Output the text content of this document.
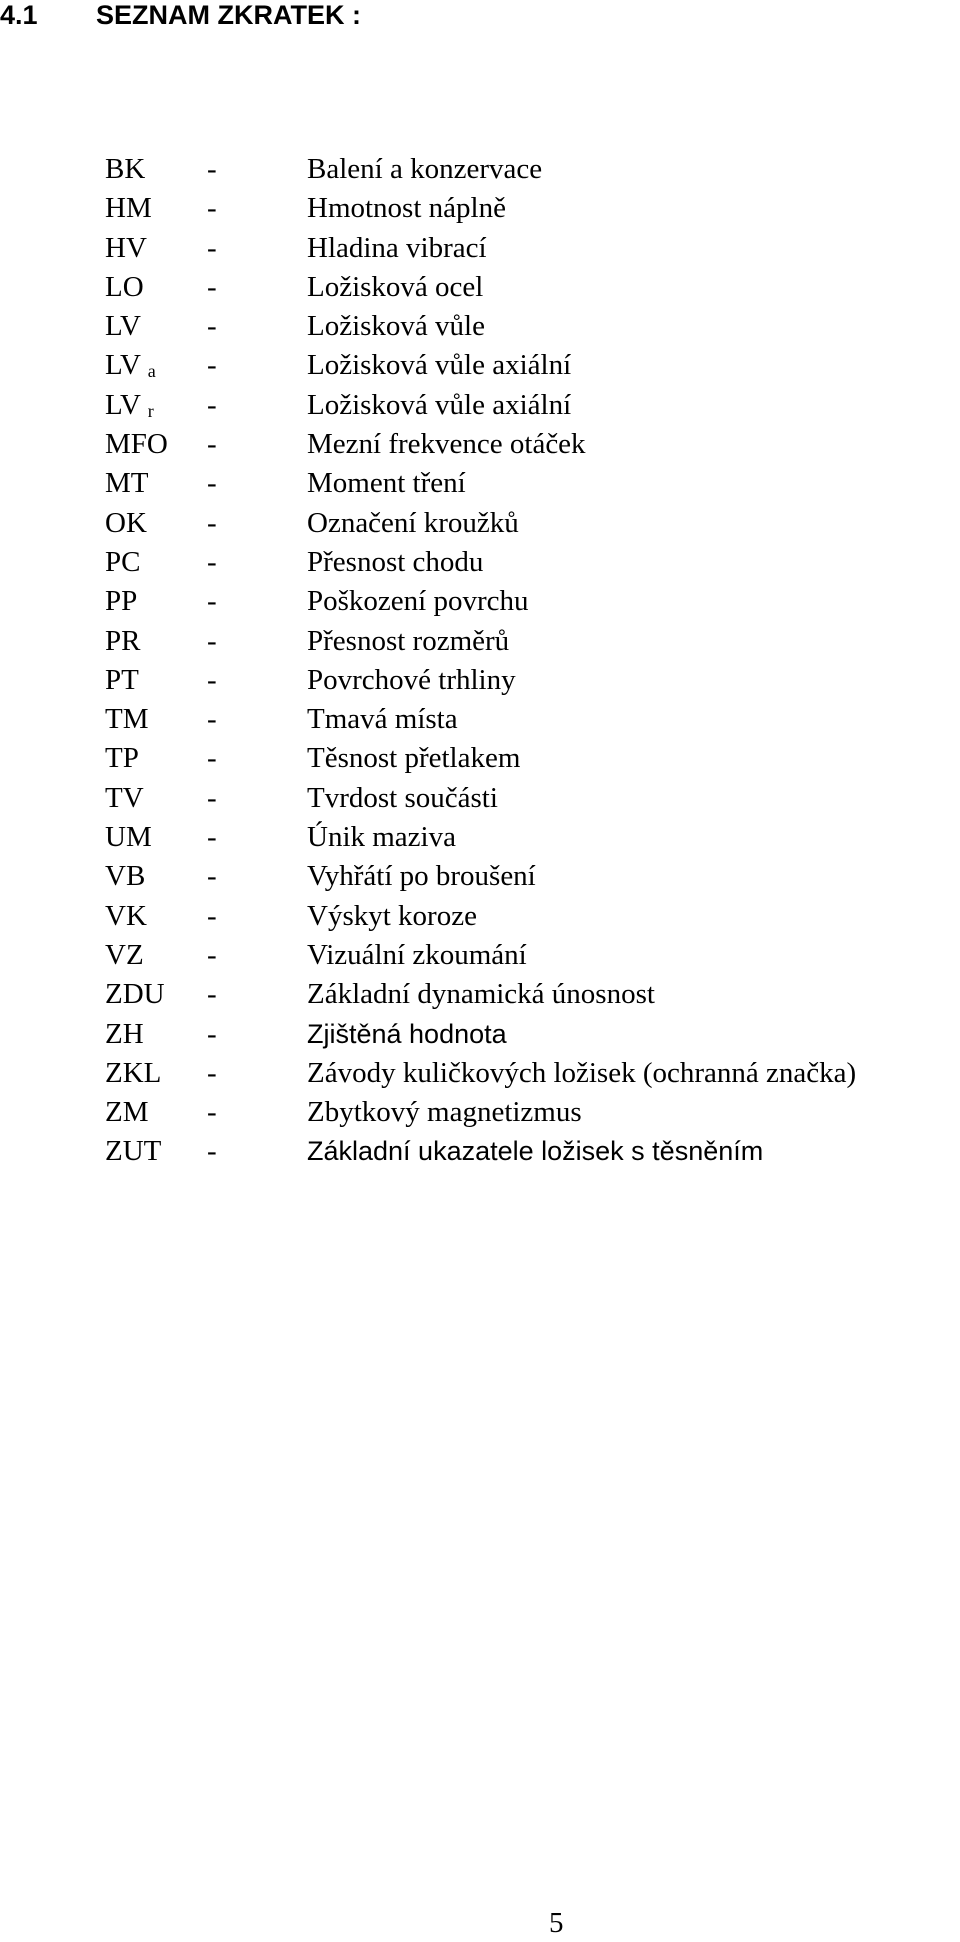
4.1 SEZNAM ZKRATEK :
BK -	Balení a konzervace
HM -	Hmotnost náplně
HV -	Hladina vibrací
LO -	Ložisková ocel
LV -	Ložisková vůle
LV $_a$ -	Ložisková vůle axiální
LV $_r$ -	Ložisková vůle axiální
MFO -	Mezní frekvence otáček
MT -	Moment tření
OK -	Označení kroužků
PC -	Přesnost chodu
PP -	Poškození povrchu
PR -	Přesnost rozměrů
PT -	Povrchové trhliny
TM -	Tmavá místa
TP -	Těsnost přetlakem
TV -	Tvrdost součásti
UM -	Únik maziva
VB -	Vyhřátí po broušení
VK -	Výskyt koroze
VZ -	Vizuální zkoumání
ZDU -	Základní dynamická únosnost
ZH -	Zjištěná hodnota
ZKL -	Závody kuličkových ložisek (ochranná značka)
ZM -	Zbytkový magnetizmus
ZUT -	Základní ukazatele ložisek s těsněním
5
